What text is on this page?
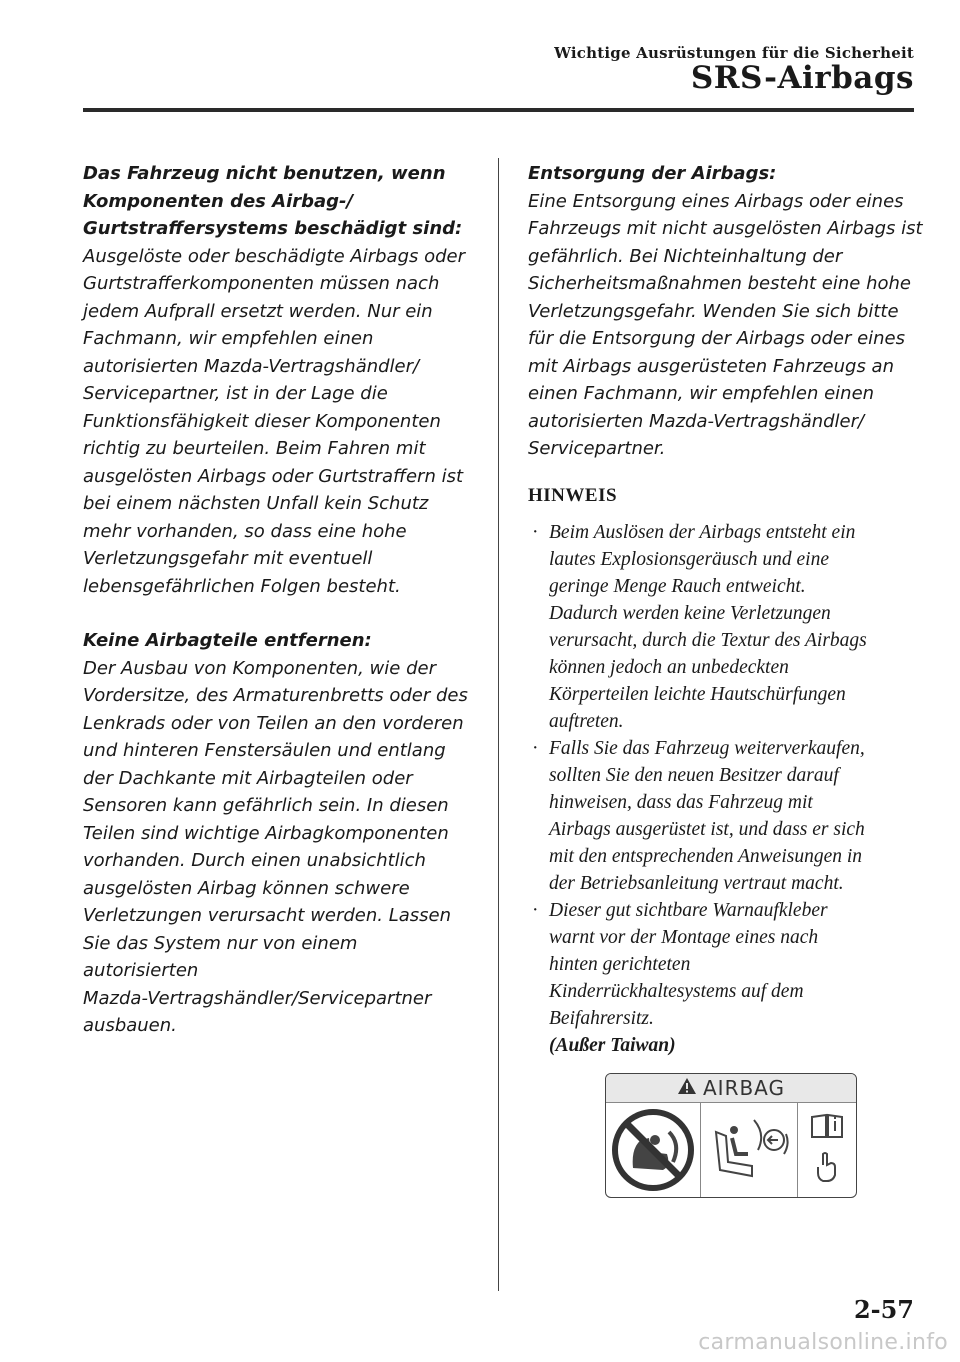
Wichtige Ausrüstungen für die Sicherheit
SRS-Airbags

Das Fahrzeug nicht benutzen, wenn
Komponenten des Airbag-/
Gurtstraffersystems beschädigt sind:

Ausgelöste oder beschädigte Airbags oder
Gurtstrafferkomponenten müssen nach
jedem Aufprall ersetzt werden. Nur ein
Fachmann, wir empfehlen einen
autorisierten Mazda-Vertragshändler/
Servicepartner, ist in der Lage die
Funktionsfähigkeit dieser Komponenten
richtig zu beurteilen. Beim Fahren mit
ausgelösten Airbags oder Gurtstraffern ist
bei einem nächsten Unfall kein Schutz
mehr vorhanden, so dass eine hohe
Verletzungsgefahr mit eventuell
lebensgefährlichen Folgen besteht.

Keine Airbagteile entfernen:

Der Ausbau von Komponenten, wie der
Vordersitze, des Armaturenbretts oder des
Lenkrads oder von Teilen an den vorderen
und hinteren Fenstersäulen und entlang
der Dachkante mit Airbagteilen oder
Sensoren kann gefährlich sein. In diesen
Teilen sind wichtige Airbagkomponenten
vorhanden. Durch einen unabsichtlich
ausgelösten Airbag können schwere
Verletzungen verursacht werden. Lassen
Sie das System nur von einem autorisierten
Mazda-Vertragshändler/Servicepartner
ausbauen.

Entsorgung der Airbags:

Eine Entsorgung eines Airbags oder eines
Fahrzeugs mit nicht ausgelösten Airbags ist
gefährlich. Bei Nichteinhaltung der
Sicherheitsmaßnahmen besteht eine hohe
Verletzungsgefahr. Wenden Sie sich bitte
für die Entsorgung der Airbags oder eines
mit Airbags ausgerüsteten Fahrzeugs an
einen Fachmann, wir empfehlen einen
autorisierten Mazda-Vertragshändler/
Servicepartner.

HINWEIS
· Beim Auslösen der Airbags entsteht ein
lautes Explosionsgeräusch und eine
geringe Menge Rauch entweicht.
Dadurch werden keine Verletzungen
verursacht, durch die Textur des Airbags
können jedoch an unbedeckten
Körperteilen leichte Hautschürfungen
auftreten.
· Falls Sie das Fahrzeug weiterverkaufen,
sollten Sie den neuen Besitzer darauf
hinweisen, dass das Fahrzeug mit
Airbags ausgerüstet ist, und dass er sich
mit den entsprechenden Anweisungen in
der Betriebsanleitung vertraut macht.
· Dieser gut sichtbare Warnaufkleber
warnt vor der Montage eines nach
hinten gerichteten
Kinderrückhaltesystems auf dem
Beifahrersitz.
(Außer Taiwan)
AIRBAG
2-57
carmanualsonline.info
